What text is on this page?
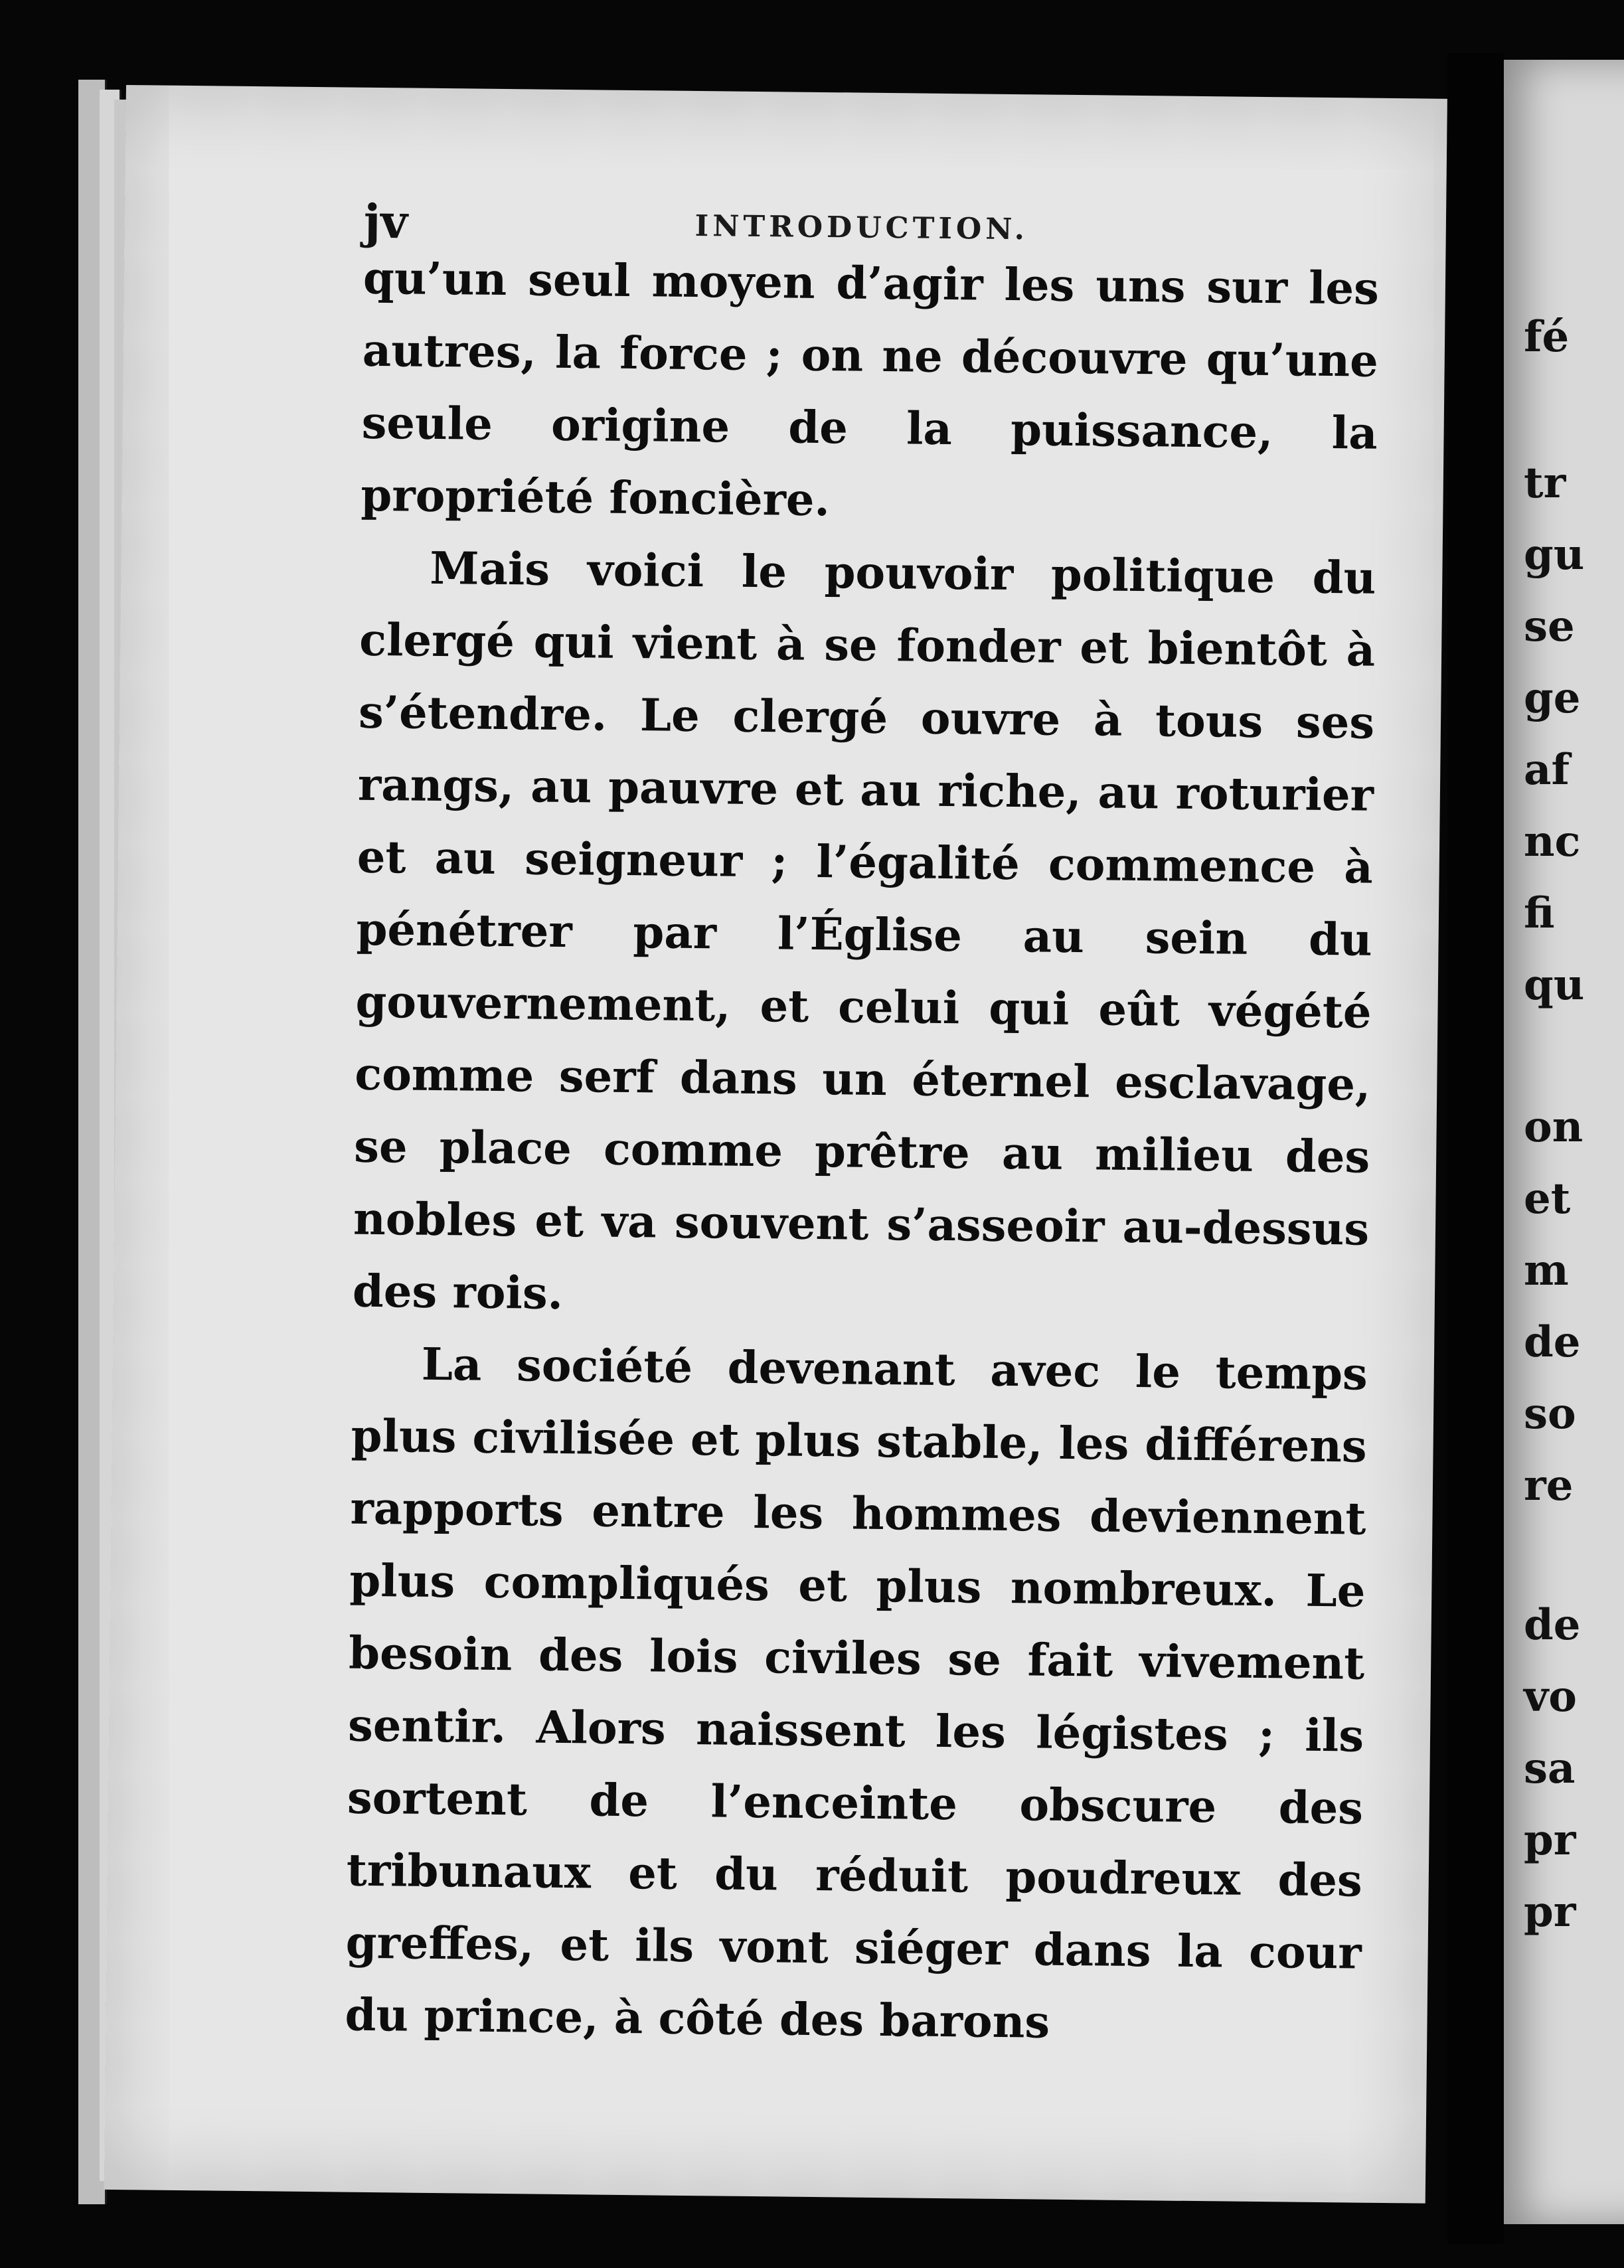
jv	INTRODUCTION.

qu’un seul moyen d’agir les uns sur les autres, la force ; on ne découvre qu’une seule origine de la puissance, la propriété foncière.

Mais voici le pouvoir politique du clergé qui vient à se fonder et bientôt à s’étendre. Le clergé ouvre à tous ses rangs, au pauvre et au riche, au roturier et au seigneur ; l’égalité commence à pénétrer par l’Église au sein du gouvernement, et celui qui eût végété comme serf dans un éternel esclavage, se place comme prêtre au milieu des nobles et va souvent s’asseoir au-dessus des rois.

La société devenant avec le temps plus civilisée et plus stable, les différens rapports entre les hommes deviennent plus compliqués et plus nombreux. Le besoin des lois civiles se fait vivement sentir. Alors naissent les légistes ; ils sortent de l’enceinte obscure des tribunaux et du réduit poudreux des greffes, et ils vont siéger dans la cour du prince, à côté des barons

fé
tr
gu
se
ge
af
nc
fi
qu
on
et
m
de
so
re
de
vo
sa
pr
pr
